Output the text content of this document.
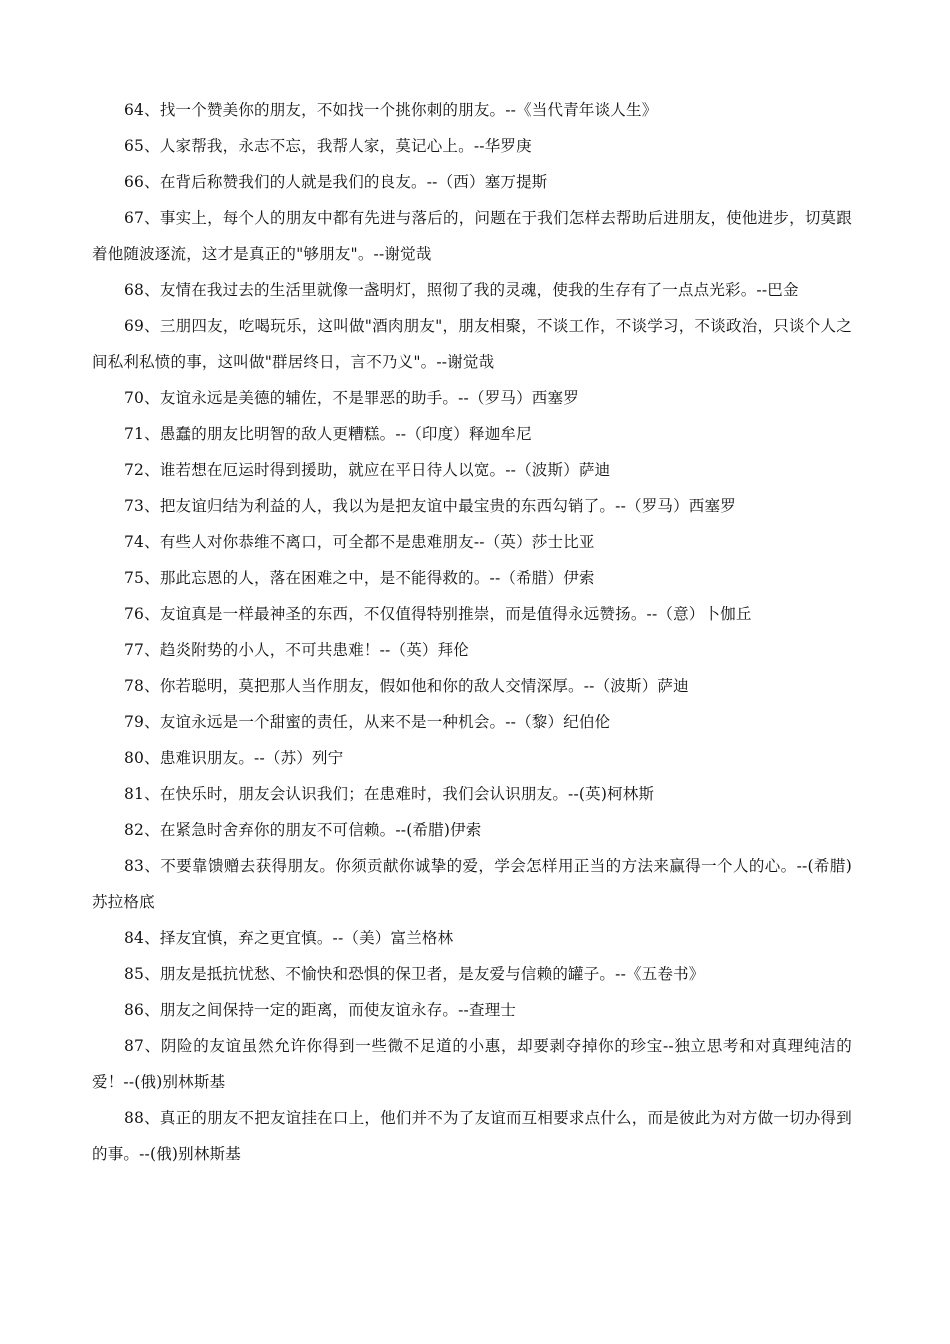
64、找一个赞美你的朋友，不如找一个挑你刺的朋友。--《当代青年谈人生》

65、人家帮我，永志不忘，我帮人家，莫记心上。--华罗庚

66、在背后称赞我们的人就是我们的良友。--（西）塞万提斯

67、事实上，每个人的朋友中都有先进与落后的，问题在于我们怎样去帮助后进朋友，使他进步，切莫跟着他随波逐流，这才是真正的"够朋友"。--谢觉哉

68、友情在我过去的生活里就像一盏明灯，照彻了我的灵魂，使我的生存有了一点点光彩。--巴金

69、三朋四友，吃喝玩乐，这叫做"酒肉朋友"，朋友相聚，不谈工作，不谈学习，不谈政治，只谈个人之间私利私愤的事，这叫做"群居终日，言不乃义"。--谢觉哉

70、友谊永远是美德的辅佐，不是罪恶的助手。--（罗马）西塞罗

71、愚蠢的朋友比明智的敌人更糟糕。--（印度）释迦牟尼

72、谁若想在厄运时得到援助，就应在平日待人以宽。--（波斯）萨迪

73、把友谊归结为利益的人，我以为是把友谊中最宝贵的东西勾销了。--（罗马）西塞罗

74、有些人对你恭维不离口，可全都不是患难朋友--（英）莎士比亚

75、那此忘恩的人，落在困难之中，是不能得救的。--（希腊）伊索

76、友谊真是一样最神圣的东西，不仅值得特别推崇，而是值得永远赞扬。--（意）卜伽丘

77、趋炎附势的小人，不可共患难！--（英）拜伦

78、你若聪明，莫把那人当作朋友，假如他和你的敌人交情深厚。--（波斯）萨迪

79、友谊永远是一个甜蜜的责任，从来不是一种机会。--（黎）纪伯伦

80、患难识朋友。--（苏）列宁

81、在快乐时，朋友会认识我们；在患难时，我们会认识朋友。--(英)柯林斯

82、在紧急时舍弃你的朋友不可信赖。--(希腊)伊索

83、不要靠馈赠去获得朋友。你须贡献你诚挚的爱，学会怎样用正当的方法来赢得一个人的心。--(希腊)苏拉格底

84、择友宜慎，弃之更宜慎。--（美）富兰格林

85、朋友是抵抗忧愁、不愉快和恐惧的保卫者，是友爱与信赖的罐子。--《五卷书》

86、朋友之间保持一定的距离，而使友谊永存。--查理士

87、阴险的友谊虽然允许你得到一些微不足道的小惠，却要剥夺掉你的珍宝--独立思考和对真理纯洁的爱！--(俄)别林斯基

88、真正的朋友不把友谊挂在口上，他们并不为了友谊而互相要求点什么，而是彼此为对方做一切办得到的事。--(俄)别林斯基
